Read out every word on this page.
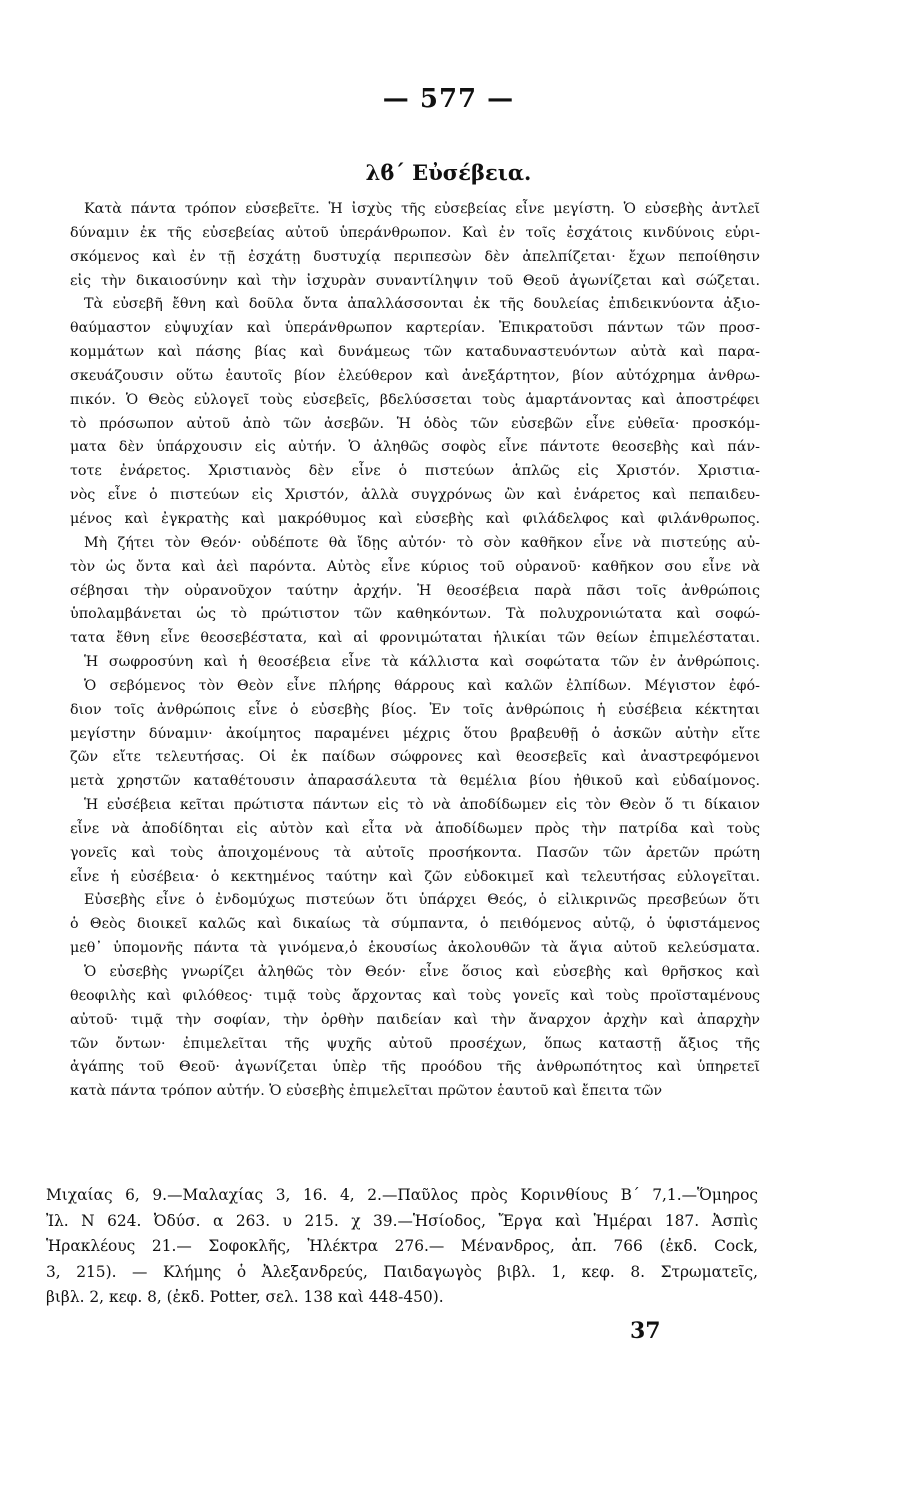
— 577 —
λϐ΄ Εὐσέβεια.
Κατὰ πάντα τρόπον εὐσεβεῖτε. Ἡ ἰσχὺς τῆς εὐσεβείας εἶνε μεγίστη. Ὁ εὐσεβὴς ἀντλεῖ
δύναμιν ἐκ τῆς εὐσεβείας αὐτοῦ ὑπεράνθρωπον. Καὶ ἐν τοῖς ἐσχάτοις κινδύνοις εὑρι-
σκόμενος καὶ ἐν τῇ ἐσχάτῃ δυστυχίᾳ περιπεσὼν δὲν ἀπελπίζεται· ἔχων πεποίθησιν
εἰς τὴν δικαιοσύνην καὶ τὴν ἰσχυρὰν συναντίληψιν τοῦ Θεοῦ ἀγωνίζεται καὶ σώζεται.
Τὰ εὐσεβῆ ἔθνη καὶ δοῦλα ὄντα ἀπαλλάσσονται ἐκ τῆς δουλείας ἐπιδεικνύοντα ἀξιο-
θαύμαστον εὐψυχίαν καὶ ὑπεράνθρωπον καρτερίαν. Ἐπικρατοῦσι πάντων τῶν προσ-
κομμάτων καὶ πάσης βίας καὶ δυνάμεως τῶν καταδυναστευόντων αὐτὰ καὶ παρα-
σκευάζουσιν οὕτω ἑαυτοῖς βίον ἐλεύθερον καὶ ἀνεξάρτητον, βίον αὐτόχρημα ἀνθρω-
πικόν. Ὁ Θεὸς εὐλογεῖ τοὺς εὐσεβεῖς, βδελύσσεται τοὺς ἁμαρτάνοντας καὶ ἀποστρέφει
τὸ πρόσωπον αὐτοῦ ἀπὸ τῶν ἀσεβῶν. Ἡ ὁδὸς τῶν εὐσεβῶν εἶνε εὐθεῖα· προσκόμ-
ματα δὲν ὑπάρχουσιν εἰς αὐτήν. Ὁ ἀληθῶς σοφὸς εἶνε πάντοτε θεοσεβὴς καὶ πάν-
τοτε ἐνάρετος. Χριστιανὸς δὲν εἶνε ὁ πιστεύων ἁπλῶς εἰς Χριστόν. Χριστια-
νὸς εἶνε ὁ πιστεύων εἰς Χριστόν, ἀλλὰ συγχρόνως ὢν καὶ ἐνάρετος καὶ πεπαιδευ-
μένος καὶ ἐγκρατὴς καὶ μακρόθυμος καὶ εὐσεβὴς καὶ φιλάδελφος καὶ φιλάνθρωπος.
Μὴ ζήτει τὸν Θεόν· οὐδέποτε θὰ ἴδῃς αὐτόν· τὸ σὸν καθῆκον εἶνε νὰ πιστεύῃς αὐ-
τὸν ὡς ὄντα καὶ ἀεὶ παρόντα. Αὐτὸς εἶνε κύριος τοῦ οὐρανοῦ· καθῆκον σου εἶνε νὰ
σέβησαι τὴν οὐρανοῦχον ταύτην ἀρχήν. Ἡ θεοσέβεια παρὰ πᾶσι τοῖς ἀνθρώποις
ὑπολαμβάνεται ὡς τὸ πρώτιστον τῶν καθηκόντων. Τὰ πολυχρονιώτατα καὶ σοφώ-
τατα ἔθνη εἶνε θεοσεβέστατα, καὶ αἱ φρονιμώταται ἡλικίαι τῶν θείων ἐπιμελέσταται.
Ἡ σωφροσύνη καὶ ἡ θεοσέβεια εἶνε τὰ κάλλιστα καὶ σοφώτατα τῶν ἐν ἀνθρώποις.
Ὁ σεβόμενος τὸν Θεὸν εἶνε πλήρης θάρρους καὶ καλῶν ἐλπίδων. Μέγιστον ἐφό-
διον τοῖς ἀνθρώποις εἶνε ὁ εὐσεβὴς βίος. Ἐν τοῖς ἀνθρώποις ἡ εὐσέβεια κέκτηται
μεγίστην δύναμιν· ἀκοίμητος παραμένει μέχρις ὅτου βραβευθῇ ὁ ἀσκῶν αὐτὴν εἴτε
ζῶν εἴτε τελευτήσας. Οἱ ἐκ παίδων σώφρονες καὶ θεοσεβεῖς καὶ ἀναστρεφόμενοι
μετὰ χρηστῶν καταθέτουσιν ἀπαρασάλευτα τὰ θεμέλια βίου ἠθικοῦ καὶ εὐδαίμονος.
Ἡ εὐσέβεια κεῖται πρώτιστα πάντων εἰς τὸ νὰ ἀποδίδωμεν εἰς τὸν Θεὸν ὅ τι δίκαιον
εἶνε νὰ ἀποδίδηται εἰς αὐτὸν καὶ εἶτα νὰ ἀποδίδωμεν πρὸς τὴν πατρίδα καὶ τοὺς
γονεῖς καὶ τοὺς ἀποιχομένους τὰ αὐτοῖς προσήκοντα. Πασῶν τῶν ἀρετῶν πρώτη
εἶνε ἡ εὐσέβεια· ὁ κεκτημένος ταύτην καὶ ζῶν εὐδοκιμεῖ καὶ τελευτήσας εὐλογεῖται.
Εὐσεβὴς εἶνε ὁ ἐνδομύχως πιστεύων ὅτι ὑπάρχει Θεός, ὁ εἰλικρινῶς πρεσβεύων ὅτι
ὁ Θεὸς διοικεῖ καλῶς καὶ δικαίως τὰ σύμπαντα, ὁ πειθόμενος αὐτῷ, ὁ ὑφιστάμενος
μεθ᾿ ὑπομονῆς πάντα τὰ γινόμενα,ὁ ἑκουσίως ἀκολουθῶν τὰ ἅγια αὐτοῦ κελεύσματα.
Ὁ εὐσεβὴς γνωρίζει ἀληθῶς τὸν Θεόν· εἶνε ὅσιος καὶ εὐσεβὴς καὶ θρῆσκος καὶ
θεοφιλὴς καὶ φιλόθεος· τιμᾷ τοὺς ἄρχοντας καὶ τοὺς γονεῖς καὶ τοὺς προϊσταμένους
αὐτοῦ· τιμᾷ τὴν σοφίαν, τὴν ὀρθὴν παιδείαν καὶ τὴν ἄναρχον ἀρχὴν καὶ ἀπαρχὴν
τῶν ὄντων· ἐπιμελεῖται τῆς ψυχῆς αὐτοῦ προσέχων, ὅπως καταστῇ ἄξιος τῆς
ἀγάπης τοῦ Θεοῦ· ἀγωνίζεται ὑπὲρ τῆς προόδου τῆς ἀνθρωπότητος καὶ ὑπηρετεῖ
κατὰ πάντα τρόπον αὐτήν. Ὁ εὐσεβὴς ἐπιμελεῖται πρῶτον ἑαυτοῦ καὶ ἔπειτα τῶν
Μιχαίας 6, 9.—Μαλαχίας 3, 16. 4, 2.—Παῦλος πρὸς Κορινθίους Β΄ 7,1.—Ὅμηρος
Ἰλ. Ν 624. Ὀδύσ. α 263. υ 215. χ 39.—Ἡσίοδος, Ἔργα καὶ Ἡμέραι 187. Ἀσπὶς
Ἡρακλέους 21.— Σοφοκλῆς, Ἠλέκτρα 276.— Μένανδρος, ἀπ. 766 (ἐκδ. Cock,
3, 215). — Κλήμης ὁ Ἀλεξανδρεύς, Παιδαγωγὸς βιβλ. 1, κεφ. 8. Στρωματεῖς,
βιβλ. 2, κεφ. 8, (ἐκδ. Potter, σελ. 138 καὶ 448-450).
37
